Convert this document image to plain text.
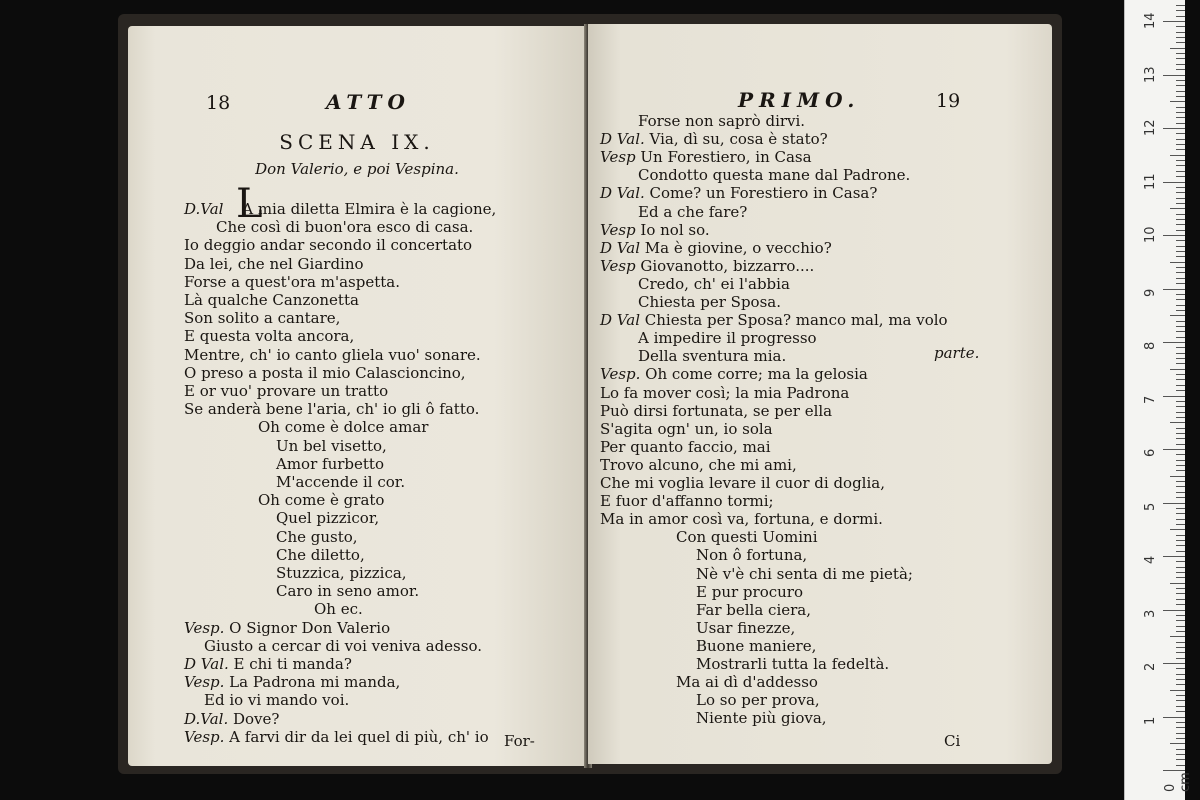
18	ATTO
SCENA IX.
Don Valerio, e poi Vespina.
L
D.Val A mia diletta Elmira è la cagione,
Che così di buon'ora esco di casa.
Io deggio andar secondo il concertato
Da lei, che nel Giardino
Forse a quest'ora m'aspetta.
Là qualche Canzonetta
Son solito a cantare,
E questa volta ancora,
Mentre, ch' io canto gliela vuo' sonare.
O preso a posta il mio Calascioncino,
E or vuo' provare un tratto
Se anderà bene l'aria, ch' io gli ô fatto.
Oh come è dolce amar
Un bel visetto,
Amor furbetto
M'accende il cor.
Oh come è grato
Quel pizzicor,
Che gusto,
Che diletto,
Stuzzica, pizzica,
Caro in seno amor.
Oh ec.
Vesp. O Signor Don Valerio
Giusto a cercar di voi veniva adesso.
D Val. E chi ti manda?
Vesp. La Padrona mi manda,
Ed io vi mando voi.
D.Val. Dove?
Vesp. A farvi dir da lei quel di più, ch' io For-
PRIMO.	19
Forse non saprò dirvi.
D Val. Via, dì su, cosa è stato?
Vesp Un Forestiero, in Casa
Condotto questa mane dal Padrone.
D Val. Come? un Forestiero in Casa?
Ed a che fare?
Vesp Io nol so.
D Val Ma è giovine, o vecchio?
Vesp Giovanotto, bizzarro....
Credo, ch' ei l'abbia
Chiesta per Sposa.
D Val Chiesta per Sposa? manco mal, ma volo
A impedire il progresso
Della sventura mia.
Vesp. Oh come corre; ma la gelosia
Lo fa mover così; la mia Padrona
Può dirsi fortunata, se per ella
S'agita ogn' un, io sola
Per quanto faccio, mai
Trovo alcuno, che mi ami,
Che mi voglia levare il cuor di doglia,
E fuor d'affanno tormi;
Ma in amor così va, fortuna, e dormi.
Con questi Uomini
Non ô fortuna,
Nè v'è chi senta di me pietà;
E pur procuro
Far bella ciera,
Usar finezze,
Buone maniere,
Mostrarli tutta la fedeltà.
Ma ai dì d'addesso
Lo so per prova,
Niente più giova,
parte.
Ci
1
2
3
4
5
6
7
8
9
10
11
12
13
14
0 cm
